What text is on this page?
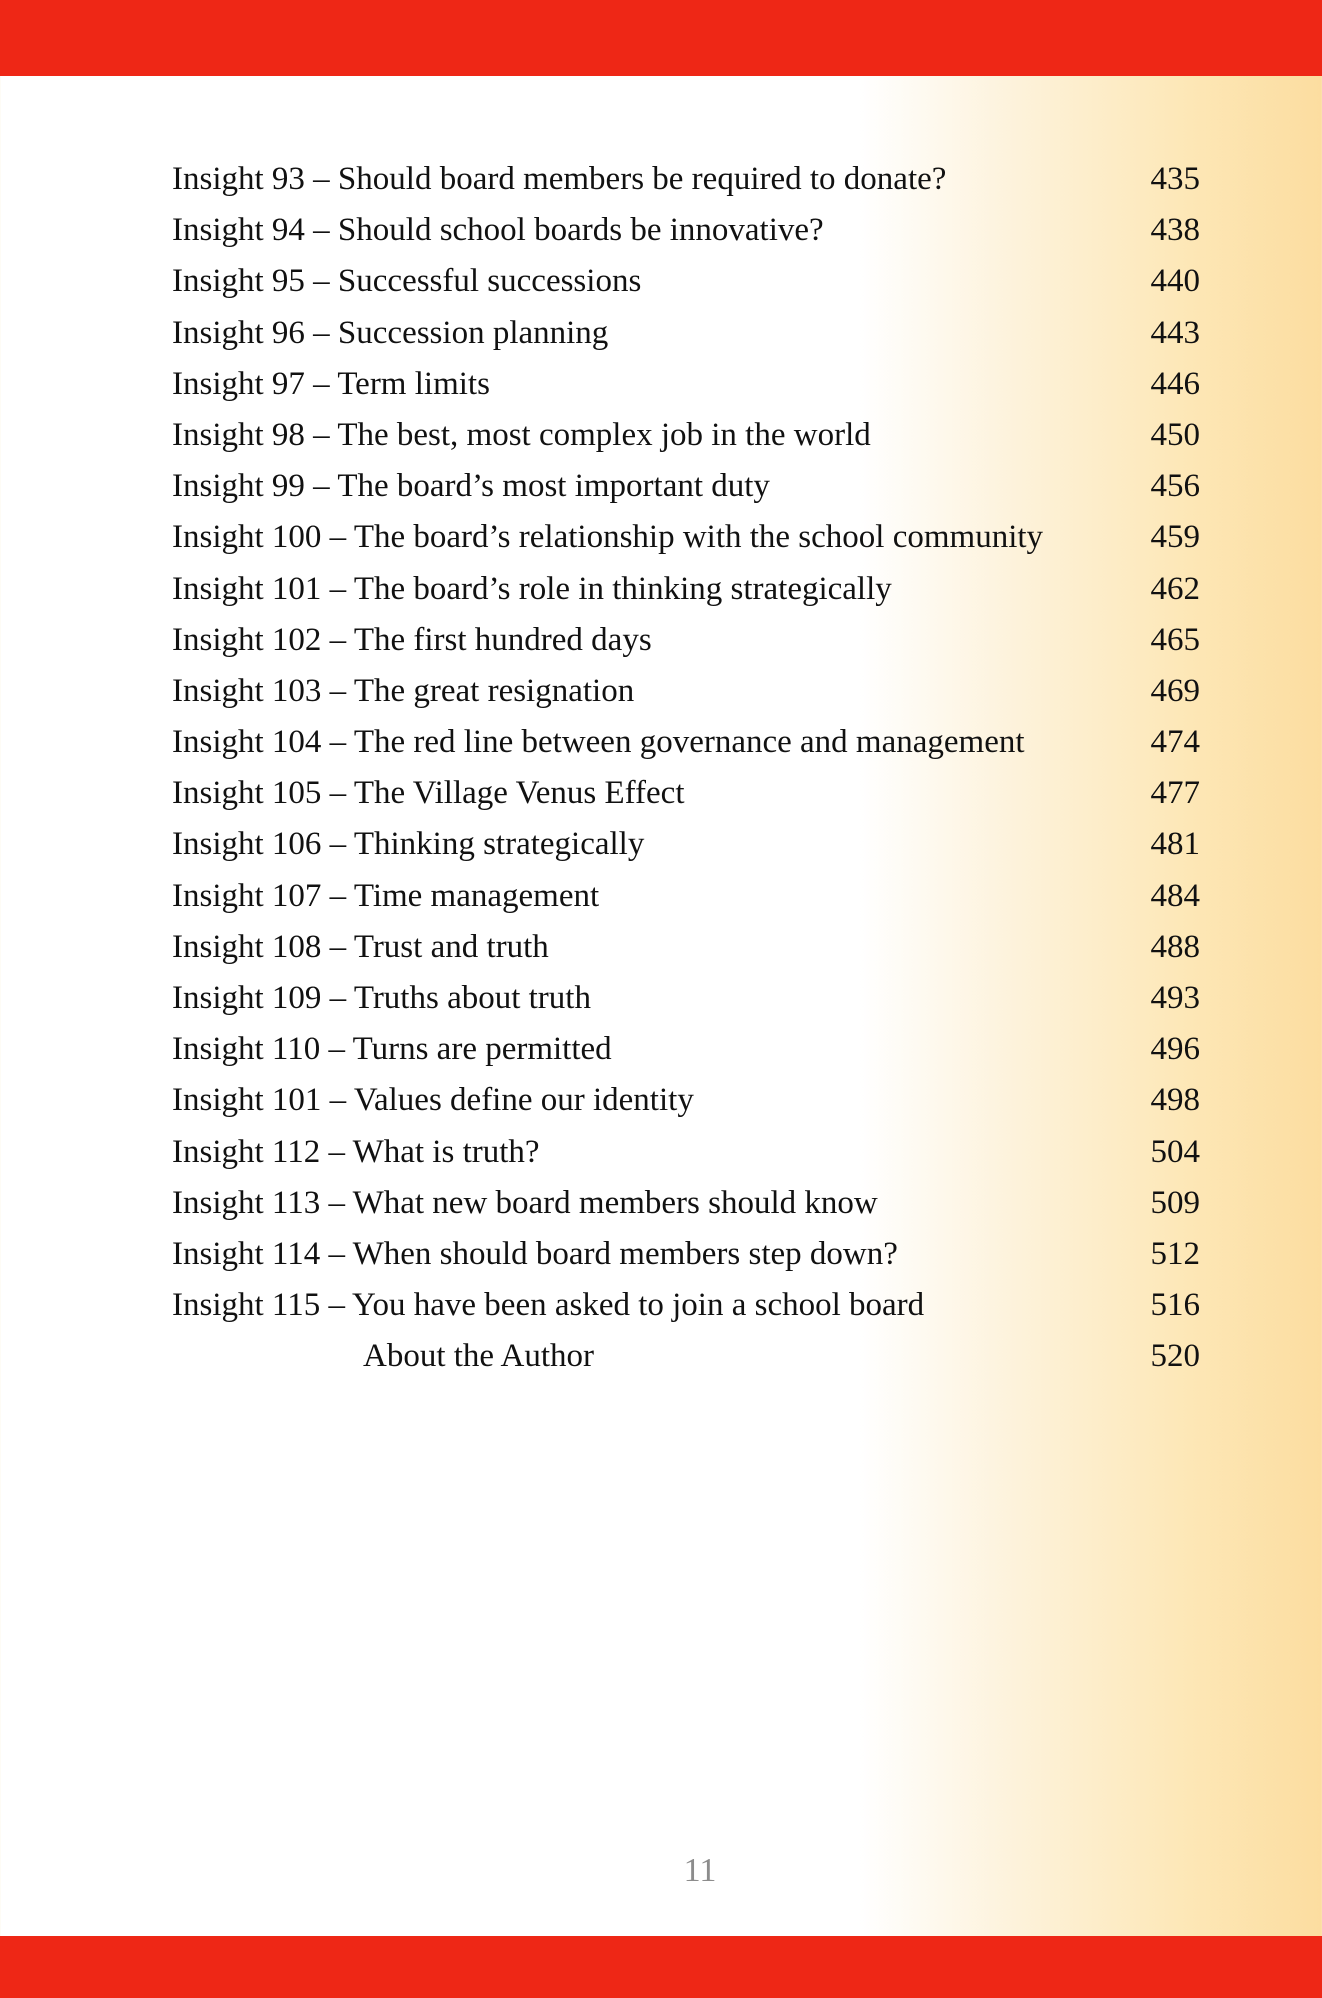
Insight 93 – Should board members be required to donate?	435
Insight 94 – Should school boards be innovative?	438
Insight 95 – Successful successions	440
Insight 96 – Succession planning	443
Insight 97 – Term limits	446
Insight 98 – The best, most complex job in the world	450
Insight 99 – The board’s most important duty	456
Insight 100 – The board’s relationship with the school community	459
Insight 101 – The board’s role in thinking strategically	462
Insight 102 – The first hundred days	465
Insight 103 – The great resignation	469
Insight 104 – The red line between governance and management	474
Insight 105 – The Village Venus Effect	477
Insight 106 – Thinking strategically	481
Insight 107 – Time management	484
Insight 108 – Trust and truth	488
Insight 109 – Truths about truth	493
Insight 110 – Turns are permitted	496
Insight 101 – Values define our identity	498
Insight 112 – What is truth?	504
Insight 113 – What new board members should know	509
Insight 114 – When should board members step down?	512
Insight 115 – You have been asked to join a school board	516
About the Author	520
11
